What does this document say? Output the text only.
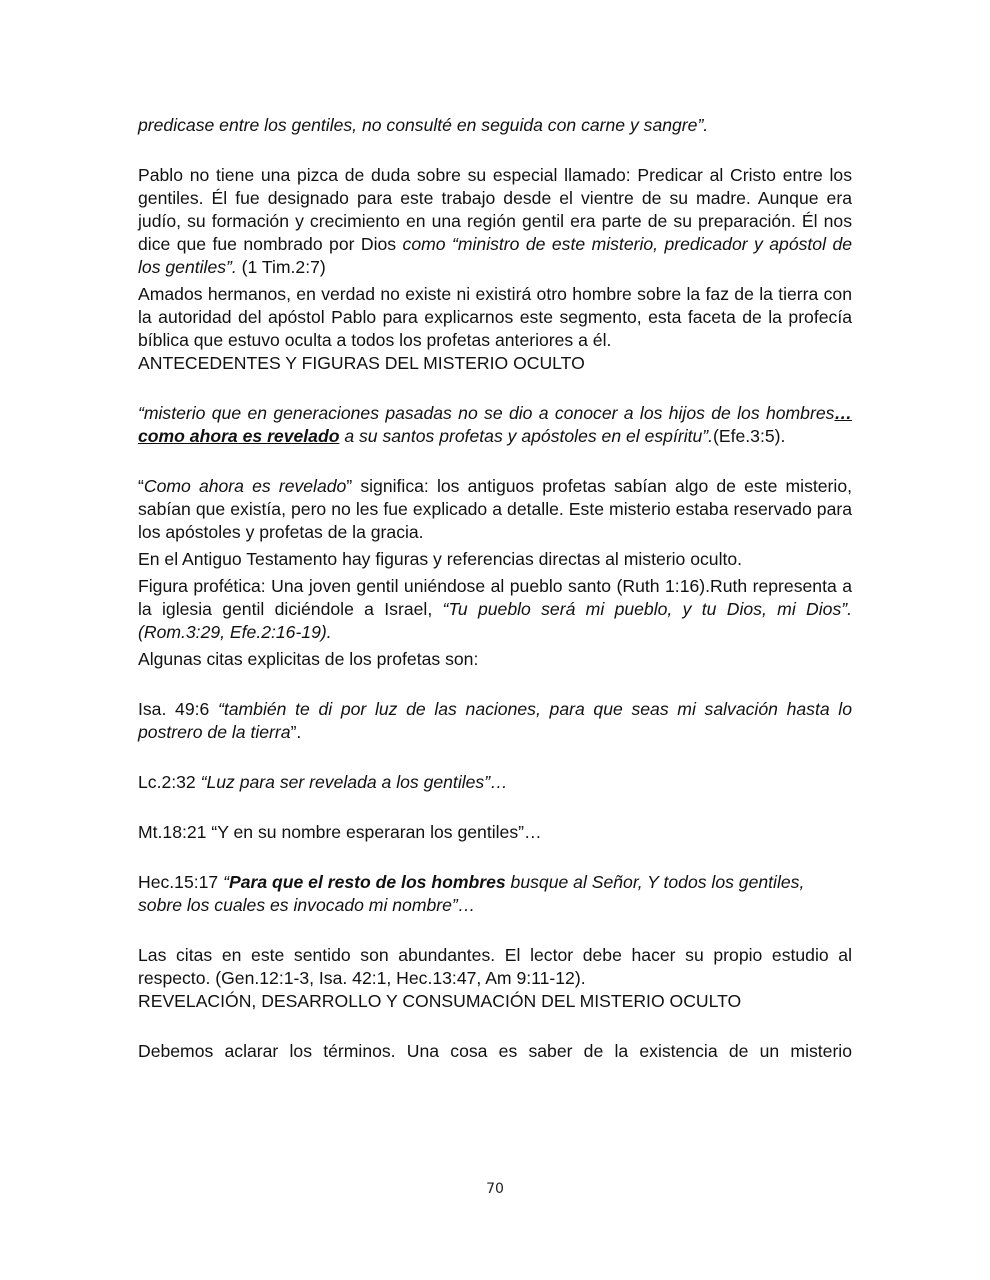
predicase entre los gentiles, no consulté en seguida con carne y sangre”.

Pablo no tiene una pizca de duda sobre su especial llamado: Predicar al Cristo entre los gentiles. Él fue designado para este trabajo desde el vientre de su madre. Aunque era judío, su formación y crecimiento en una región gentil era parte de su preparación. Él nos dice que fue nombrado por Dios como “ministro de este misterio, predicador y apóstol de los gentiles”. (1 Tim.2:7)

Amados hermanos, en verdad no existe ni existirá otro hombre sobre la faz de la tierra con la autoridad del apóstol Pablo para explicarnos este segmento, esta faceta de la profecía bíblica que estuvo oculta a todos los profetas anteriores a él.

ANTECEDENTES Y FIGURAS DEL MISTERIO OCULTO

“misterio que en generaciones pasadas no se dio a conocer a los hijos de los hombres…como ahora es revelado a su santos profetas y apóstoles en el espíritu”.(Efe.3:5).

“Como ahora es revelado” significa: los antiguos profetas sabían algo de este misterio, sabían que existía, pero no les fue explicado a detalle. Este misterio estaba reservado para los apóstoles y profetas de la gracia.

En el Antiguo Testamento hay figuras y referencias directas al misterio oculto.

Figura profética: Una joven gentil uniéndose al pueblo santo (Ruth 1:16).Ruth representa a la iglesia gentil diciéndole a Israel, “Tu pueblo será mi pueblo, y tu Dios, mi Dios”. (Rom.3:29, Efe.2:16-19).

Algunas citas explicitas de los profetas son:

Isa. 49:6 “también te di por luz de las naciones, para que seas mi salvación hasta lo postrero de la tierra”.

Lc.2:32 “Luz para ser revelada a los gentiles”…

Mt.18:21 “Y en su nombre esperaran los gentiles”…

Hec.15:17 “Para que el resto de los hombres busque al Señor, Y todos los gentiles, sobre los cuales es invocado mi nombre”…

Las citas en este sentido son abundantes. El lector debe hacer su propio estudio al respecto. (Gen.12:1-3, Isa. 42:1, Hec.13:47, Am 9:11-12).

REVELACIÓN, DESARROLLO Y CONSUMACIÓN DEL MISTERIO OCULTO

Debemos aclarar los términos. Una cosa es saber de la existencia de un misterio

70
